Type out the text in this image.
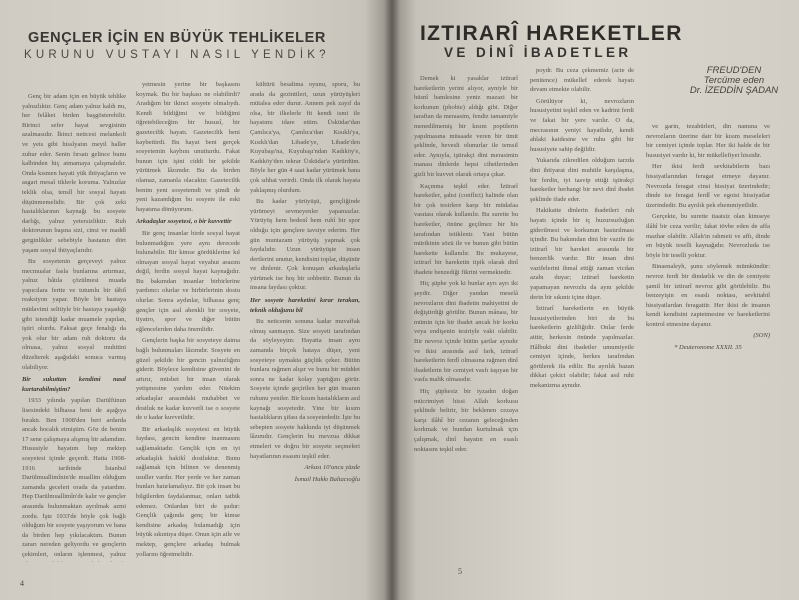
GENÇLER İÇİN EN BÜYÜK TEHLİKELER
KURUNU VUSTAYI NASIL YENDİK?

Genç bir adam için en büyük tehlike yalnızlıktır. Genç adam yalnız kaldı mı, her felâket birden başgösterebilir. Birinci sefer hayat sevgisinin azalmasıdır. İkinci neticesi melankoli ve yeis gibi hissîyatın meyil haller zuhur eder. Senin fırsatı gelince bunu kalbinden hiç atmamaya çalışmalıdır. Onda kısmen hayati yük ihtiyaçların ve asgari mesaî tiklerle koruma. Yalnızlar teklik olsa, tensîl bir sosyal hayatı düşünmemelidir. Bir çok zeki hastalıklarının kaynağı bu sosyete darlığı, yalnız yetersizliktir. Ruh doktorunun başına sizi, cinsi ve maddî gerginlikler sebebiyle hastanın dört yaşam sosyal ihtiyaçlarıdır.

Bu sosyetenin gerçeveyi yalnız mecmualar fasla bunlarına artırmaz, yalnız bâtıla çözülmesi muada yapıcılara fertte ve tutumlu bir tâbiî reaksiyon yapar. Böyle bir hastaya müdavimi selitiyle bir hastaya yaşadığı gibi istendiği kadar muamele yapılan, iştiri olurdu. Faksat geçe fenalığı da yok olur bir adam ruh doktoru da olmasa, yalnız sosyal muhitini düzelterek aşağıdaki sonuca varmış olabiliyor.

Bir sukuttan kendimi nasıl kurtarabilmiştim?

1933 yılında yapılan Darülfünun lisesindeki bilhassa beni de aşağıya bıraktı. Ben 1908'den beri ardarda ancak hocalık etmiştim. Göz de benim 17 sene çalışmaya alışmış bir adamdım. Hususiyle hayatım hep mektep sosyetesi içinde geçerdi. Hatta 1908-1916 tarihinde İstanbul Darülmuallimînin'de muallim olduğum zamanda geceleri orada da yatardım. Hep Darülmuallimîn'de kalır ve gençler arasında bulunmaktan ayrılmak azmi zordu. İşte 1933'de böyle çok bağlı olduğum bir sosyete yaşıyorum ve bana da birden hep yıkılacaktım. Bunun zararı nereden geliyordu ve gençlerin çekimleri, onların işlenmesi, yalnız

yetmesin yerine bir başkasını koymak. Bu bir başkası ne olabilirdi? Aradığım bir ikinci sosyete olmalıydı. Kendi bildiğimi ve bildiğimi öğretebileceğim bir hususî, bir gazetecilik hayatı. Gazetecilik beni kaybettirdi. Bu hayat beni gerçek sosyetemin kaybını unutturdu. Fakat bunun için işini ciddi bir şekilde yürütmek lâzımdır. Bu da birden olamaz, zamanla olacaktır. Gazetecilik benim yeni sosyetemdi ve şimdi de yeni kazandığım bu sosyete ile eski hayatıma dönüyorum.

Arkadaşlar sosyetesi, o bir kuvvettir

Bir genç insanlar birde sosyal hayat bulunmadığını yere aynı derecede bulunabilir. Bir kimse gördüklerine kıl olmayan sosyal hayat veyahut arazını değil, ferdin sosyal hayat kaynağıdır. Bu bakımdan insanlar birbirlerine yardımcı olurlar ve birbirlerinin dostu olurlar. Sonra aydınlar, bilhassa genç gençler için asıl ahenkli bir sosyete, tiyatro, spor ve diğer bütün eğlencelerden daha önemlidir.

Gençlerin başka bir sosyeteye daima bağlı bulunmaları lâzımdır. Sosyete en güzel şekilde bir gencin yalnızlığını giderir. Böylece kendisine güvenini de artırır, müsbet bir insan olarak yetişmesine yardım eder. Nitekim arkadaşlar arasındaki muhabbet ve dostluk ne kadar kuvvetli ise o sosyete de o kadar kuvvetlidir.

Bir arkadaşlık sosyetesi en büyük faydası, gencin kendine inanmasını sağlamaktadır. Gençlik için en iyi arkadaşlık hakikî dostluktur. Bunu sağlamak için bilinen ve denenmiş usuller vardır. Her yerde ve her zaman bunları hatırlamalıyız. Bir çok insan bu bilgilerden faydalanmaz, onları tatbik edemez. Onlardan biri de şudur: Gençlik çağında genç bir kimse kendisine arkadaş bulamadığı için büyük sıkıntıya düşer. Onun için aile ve mektep, gençlere arkadaş bulmak yollarını öğretmelidir.

kültürü besaltma oyunu, sporu, bu arada da gezintileri, uzun yürüyüşleri mütalea eder durur. Annem pek zayıf da olsa, bir ilkelerle fit kendi ismi ile hayatımı idare ettim. Üsküdar'dan Çamlıca'ya, Çamlıca'dan Kısıklı'ya, Kısıklı'dan Libade'ye, Libade'den Kuyubaşı'na, Kuyubaşı'ndan Kadıköy'e, Kadıköy'den tekrar Üsküdar'a yürürdüm. Böyle her gün 4 saat kadar yürümek bana çok sıhhat verirdi. Onda ilk olarak hayata yaklaşmış olurdum.

Bu kadar yürüyüşü, gençliğinde yürümeyi sevmeyenler yapamazlar. Yürüyüş hem bedenî hem ruhî bir spor olduğu için gençlere tavsiye ederim. Her gün muntazam yürüyüş yapmak çok faydalıdır. Uzun yürüyüşte insan dertlerini unutur, kendisini toplar, düşünür ve dinlenir. Çok konuşan arkadaşlarla yürümek ise hoş bir sohbettir. Bunun da insana faydası çoktur.

Her sosyete hareketini kırar terakan, teknik olduğunu bil

Bu neticenin sonuna kadar muvaffak olmuş sanmayın. Size sosyeti tarafından da söyleyeyim: Hayatta insan aynı zamanda birçok hataya düşer, yeni sosyeteye uymakta güçlük çeker. Bütün bunlara rağmen alışır ve bunu bir müddet sonra ne kadar kolay yaptığını görür. Sosyete içinde geçirilen her gün insanın ruhunu yeniler. Bir kısım hastalıkların asıl kaynağı sosyetedir. Yine bir kısım hastalıkların şifası da sosyetededir. İşte bu sebepten sosyete hakkında iyi düşünmek lâzımdır. Gençlerin bu mevzua dikkat etmeleri ve doğru bir sosyete seçmeleri hayatlarının esasını teşkil eder.

Arkası 10'uncu yüzde

İsmail Hakkı Baltacıoğlu

4
IZTIRARÎ HAREKETLER
VE DİNÎ İBADETLER
FREUD'DEN
Tercüme eden
Dr. İZEDDİN ŞADAN

Demek ki yasaklar iztirarî hareketlerin yerini alıyor, ayniyle bir hüsnî hamlesine yeniz mazazi bir korkunun (phobie) aldığı gibi. Diğer taraftan da meraasim, fendiz tamamiyle menedilmemiş bir kısım popülerin yapılmasına müsaade veren bir ümit şeklinde, hevesli olunurlar ile temsil eder. Aynıyla, iştirakçi dini merasimin manası dinlerde hepsi cihetlerinden gizli bir kuvvet olarak ortaya çıkar.

Kaçınma teşkil eder. İztirarî hareketler, şahsi (conflict) halinde olan bir çok tesirlere karşı bir müdafaa vasıtası olarak kullanılır. Bu surette bu hareketler, önüne geçilmez bir his tarafından tetiklenir. Yani bütün mürikinin sözü ile ve bunun gibi bütün harekette kullanılır. Bu mukayese, iztirarî bir hareketin tipik olarak dinî ibadete benzediği fikrini vermektedir.

Hiç şüphe yok ki bunlar ayrı ayrı iki şeydir. Diğer yandan meselâ nevrozların dini ibadetin mahiyetini de değiştirdiği görülür. Bunun mânası, bir mümin için bir ibadet ancak bir korku veya endişenin tesiriyle vaki olabilir. Bir nevroz içinde bütün şartlar aynıdır ve ikisi arasında asıl fark, iztirarî hareketlerin ferdî olmasına rağmen dinî ibadetlerin bir cemiyet vasfı taşıyan bir vasfa malik olmasıdır.

Hiç şüphesiz bir iyzadın doğan mücrimiyet hissi Allah korkusu şeklinde belirir, bir beklenen cezaya karşı ilâhî bir cezanın geleceğinden korkmak ve bundan kurtulmak için çalışmak, dinî hayatın en esaslı noktasını teşkil eder.

poydr. Bu ceza çekmemiz (acte de penitence) mükellef ederek hayatı devam etmekte olabilir.

Görülüyor ki, nevrozların hususiyetini teşkil eden ve kadrini ferdi ve fakat bir yere varılır. O da, mecrasının yeniyi hayatlıdır, kendi ahlaki kaidesine ve ruhu gibi bir hususiyete sahip değildir.

Yukarıda zikredilen olduğum tarzda dini ihtiyarat dini muhitle karşılaşma, bir ferdin, iyi tasvip ettiği iştirakçi hareketler herhangi bir nevi dinî ibadet şeklinde ifade eder.

Hakikatte dinlerin ibadetleri ruh hayatı içinde bir iç huzursuzluğun giderilmesi ve korkunun bastırılması içindir. Bu bakımdan dini bir vazife ile iztirarî bir hareket arasında bir benzerlik vardır. Bir insan dini vazifelerini ihmal ettiği zaman vicdan azabı duyar; iztirarî hareketin yapamayan nevrozlu da aynı şekilde derin bir sıkıntı içine düşer.

İztirarî hareketlerin en büyük hususiyetlerinden biri de bu hareketlerin gizliliğidir. Onlar ferde aittir, herkesin önünde yapılmazlar. Hâlbuki dini ibadetler umumiyetle cemiyet içinde, herkes tarafından görülerek ifa edilir. Bu ayrılık bazan dikkat çekici olabilir; fakat asıl ruhi mekanizma aynıdır.

ve garin, tezahürleri, din namına ve nevrozların üzerine dair bir kısım meseleleri bir cemiyet içinde toplar. Her iki halde de bir hususiyet vardır ki, bir mükellefiyet hissidir.

Her ikisi ferdi sevkitabilerin bazı hissiyatlarından feragat etmeye dayanır. Nevrozda feragat cinsi hissiyat üzerindedir; dinde ise feragat ferdî ve egoist hissiyatlar üzerindedir. Bu ayrılık pek ehemmiyetlidir.

Gerçekte, bu surette itaatsiz olan kimseye ilâhî bir ceza verilir; fakat tövbe eden de affa mazhar olabilir. Allah'ın rahmeti ve affı, dinde en büyük teselli kaynağıdır. Nevrozluda ise böyle bir teselli yoktur.

Binaenaleyh, şunu söylemek mümkündür: nevroz ferdi bir dindarlık ve din de cemiyete şamil bir iztirarî nevroz gibi görülebilir. Bu benzeyişin en esaslı noktası, sevkitabiî hissiyatlardan feragattir. Her ikisi de insanın kendi kendisini zaptetmesine ve hareketlerini kontrol etmesine dayanır.

(SON)

* Deuteronome XXXII. 35

5
